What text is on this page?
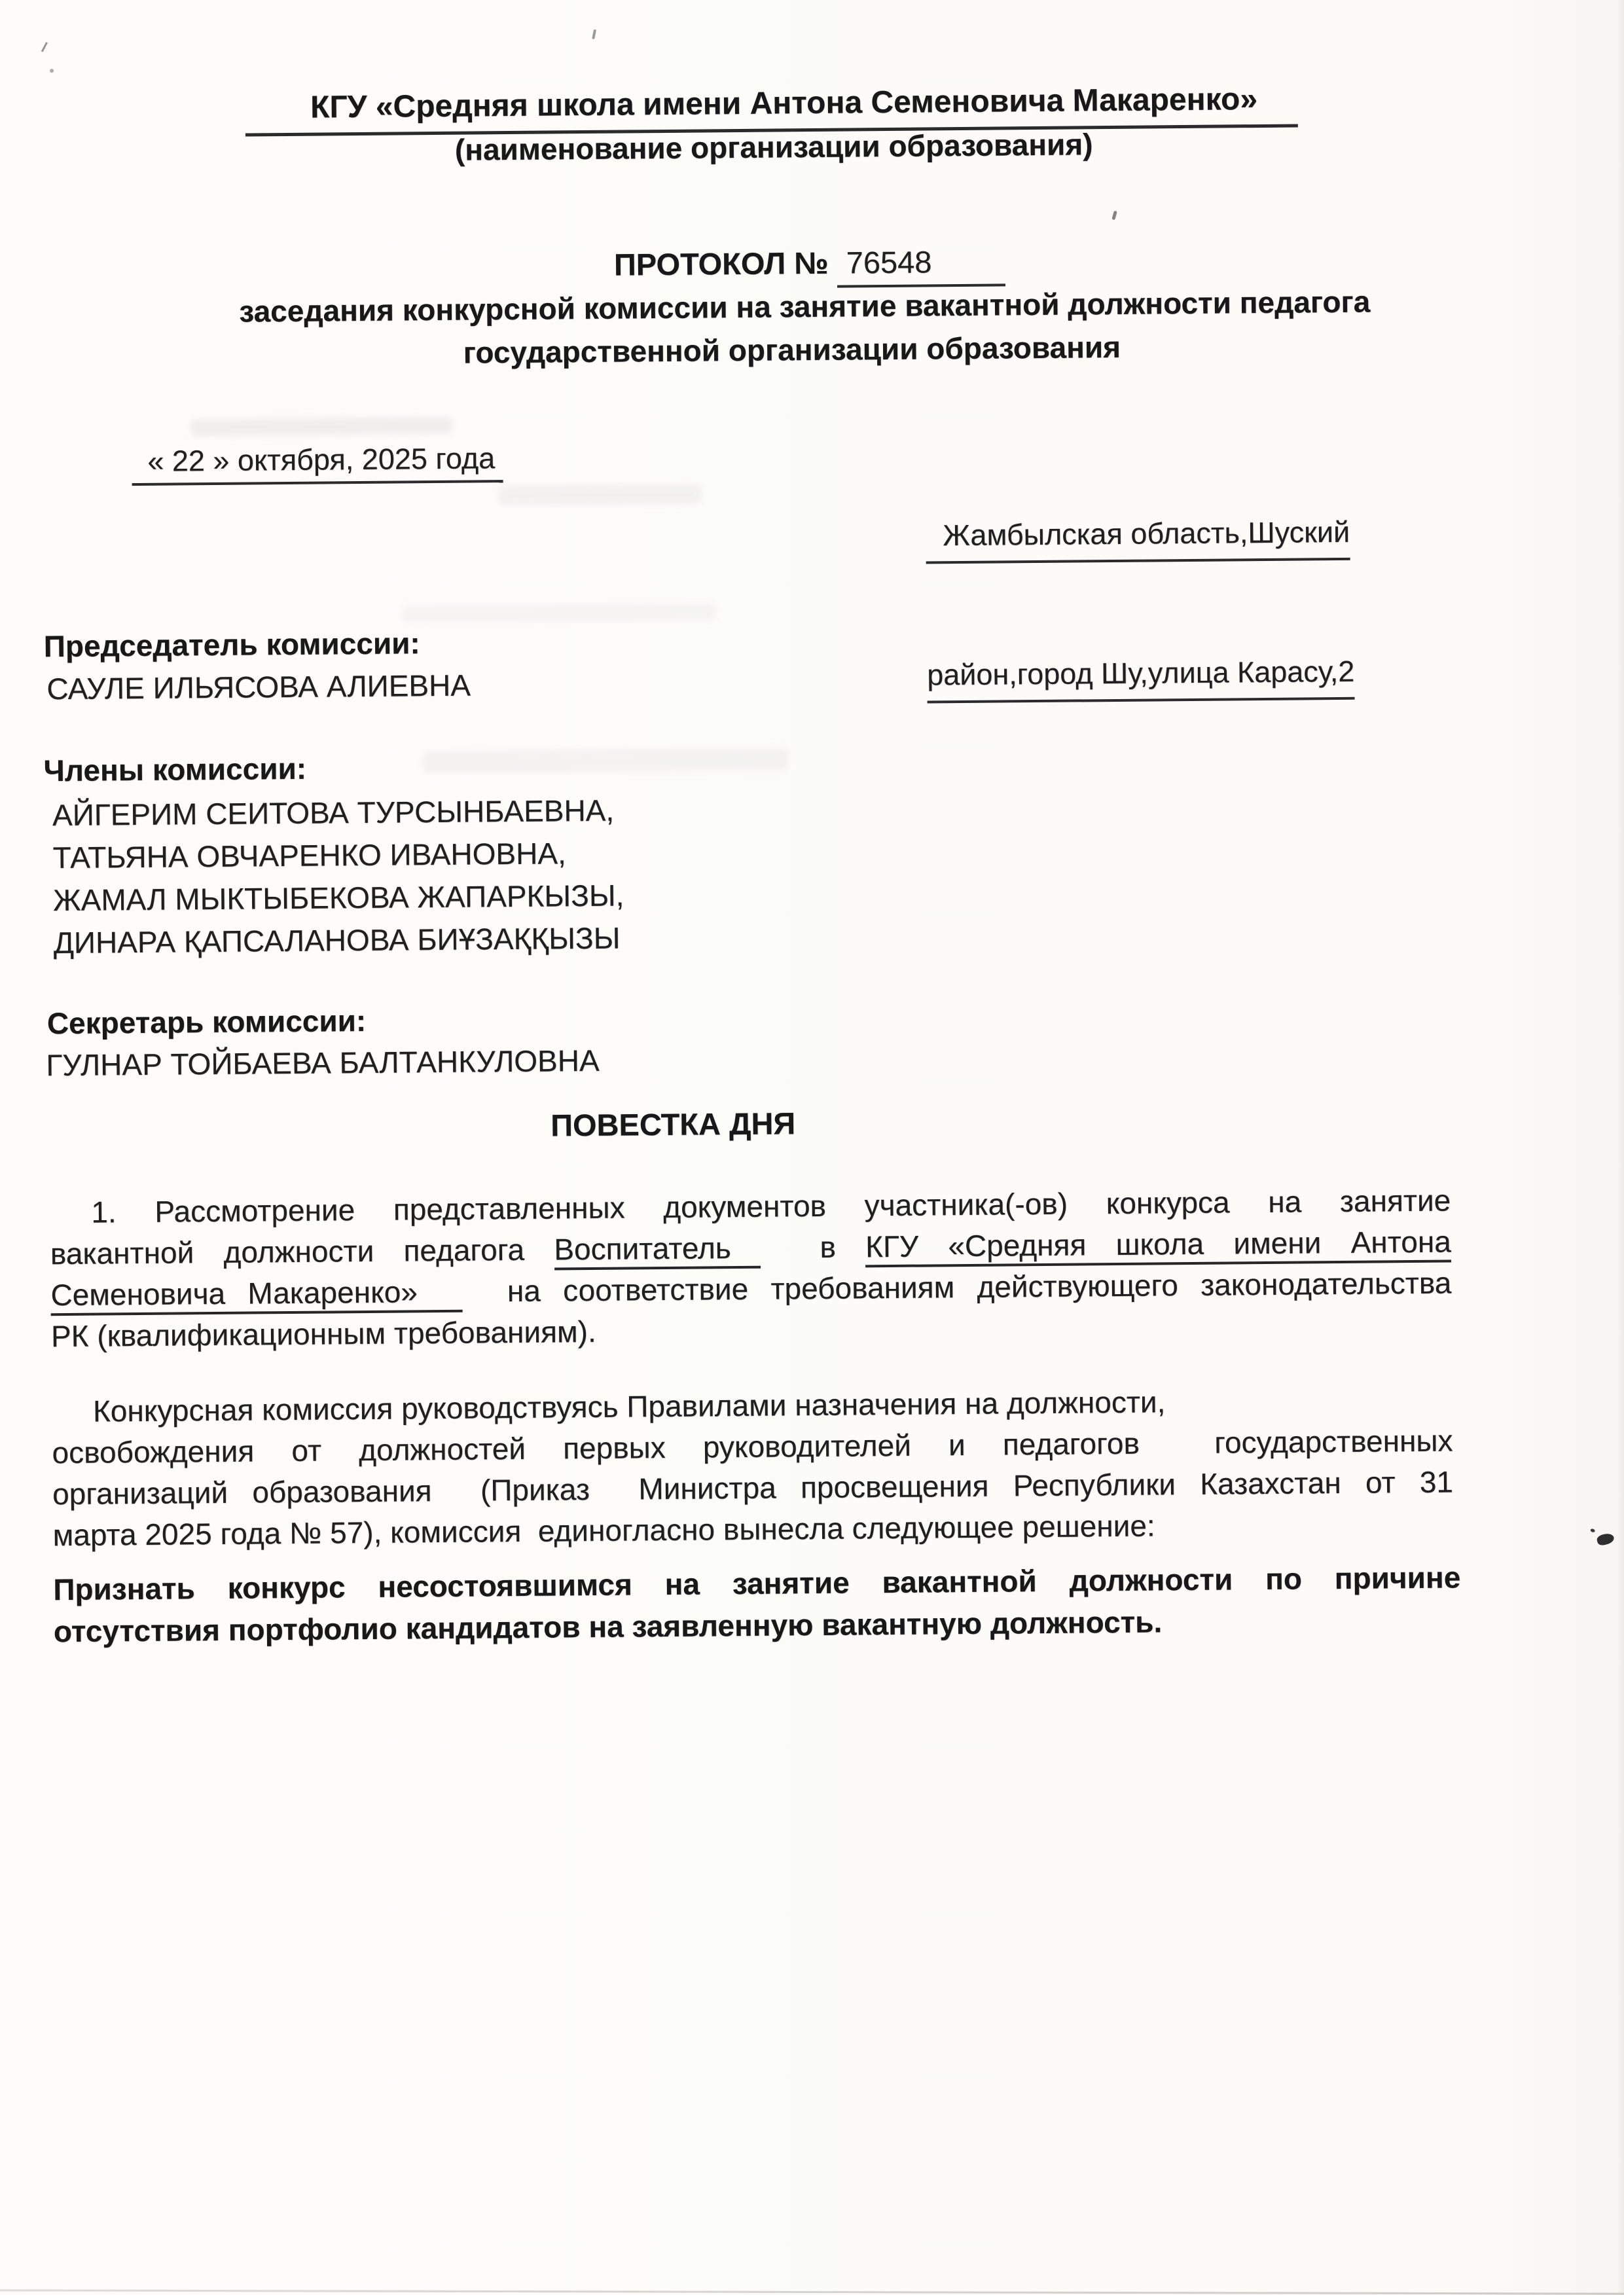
КГУ «Средняя школа имени Антона Семеновича Макаренко»
(наименование организации образования)
ПРОТОКОЛ № 76548
заседания конкурсной комиссии на занятие вакантной должности педагога
государственной организации образования
« 22 » октября, 2025 года

Жамбылская область,Шуский

район,город Шу,улица Карасу,2

Председатель комиссии:
САУЛЕ ИЛЬЯСОВА АЛИЕВНА
Члены комиссии:
АЙГЕРИМ СЕИТОВА ТУРСЫНБАЕВНА,
ТАТЬЯНА ОВЧАРЕНКО ИВАНОВНА,
ЖАМАЛ МЫКТЫБЕКОВА ЖАПАРКЫЗЫ,
ДИНАРА ҚАПСАЛАНОВА БИҰЗАҚҚЫЗЫ
Секретарь комиссии:
ГУЛНАР ТОЙБАЕВА БАЛТАНКУЛОВНА
ПОВЕСТКА ДНЯ
1. Рассмотрение представленных документов участника(-ов) конкурса на занятие
вакантной должности педагога Воспитатель   в КГУ «Средняя школа имени Антона
Семеновича Макаренко»    на соответствие требованиям действующего законодательства
РК (квалификационным требованиям).
Конкурсная комиссия руководствуясь Правилами назначения на должности,
освобождения от должностей первых руководителей и педагогов  государственных
организаций образования  (Приказ  Министра просвещения Республики Казахстан от 31
марта 2025 года № 57), комиссия  единогласно вынесла следующее решение:
Признать конкурс несостоявшимся на занятие вакантной должности по причине
отсутствия портфолио кандидатов на заявленную вакантную должность.
